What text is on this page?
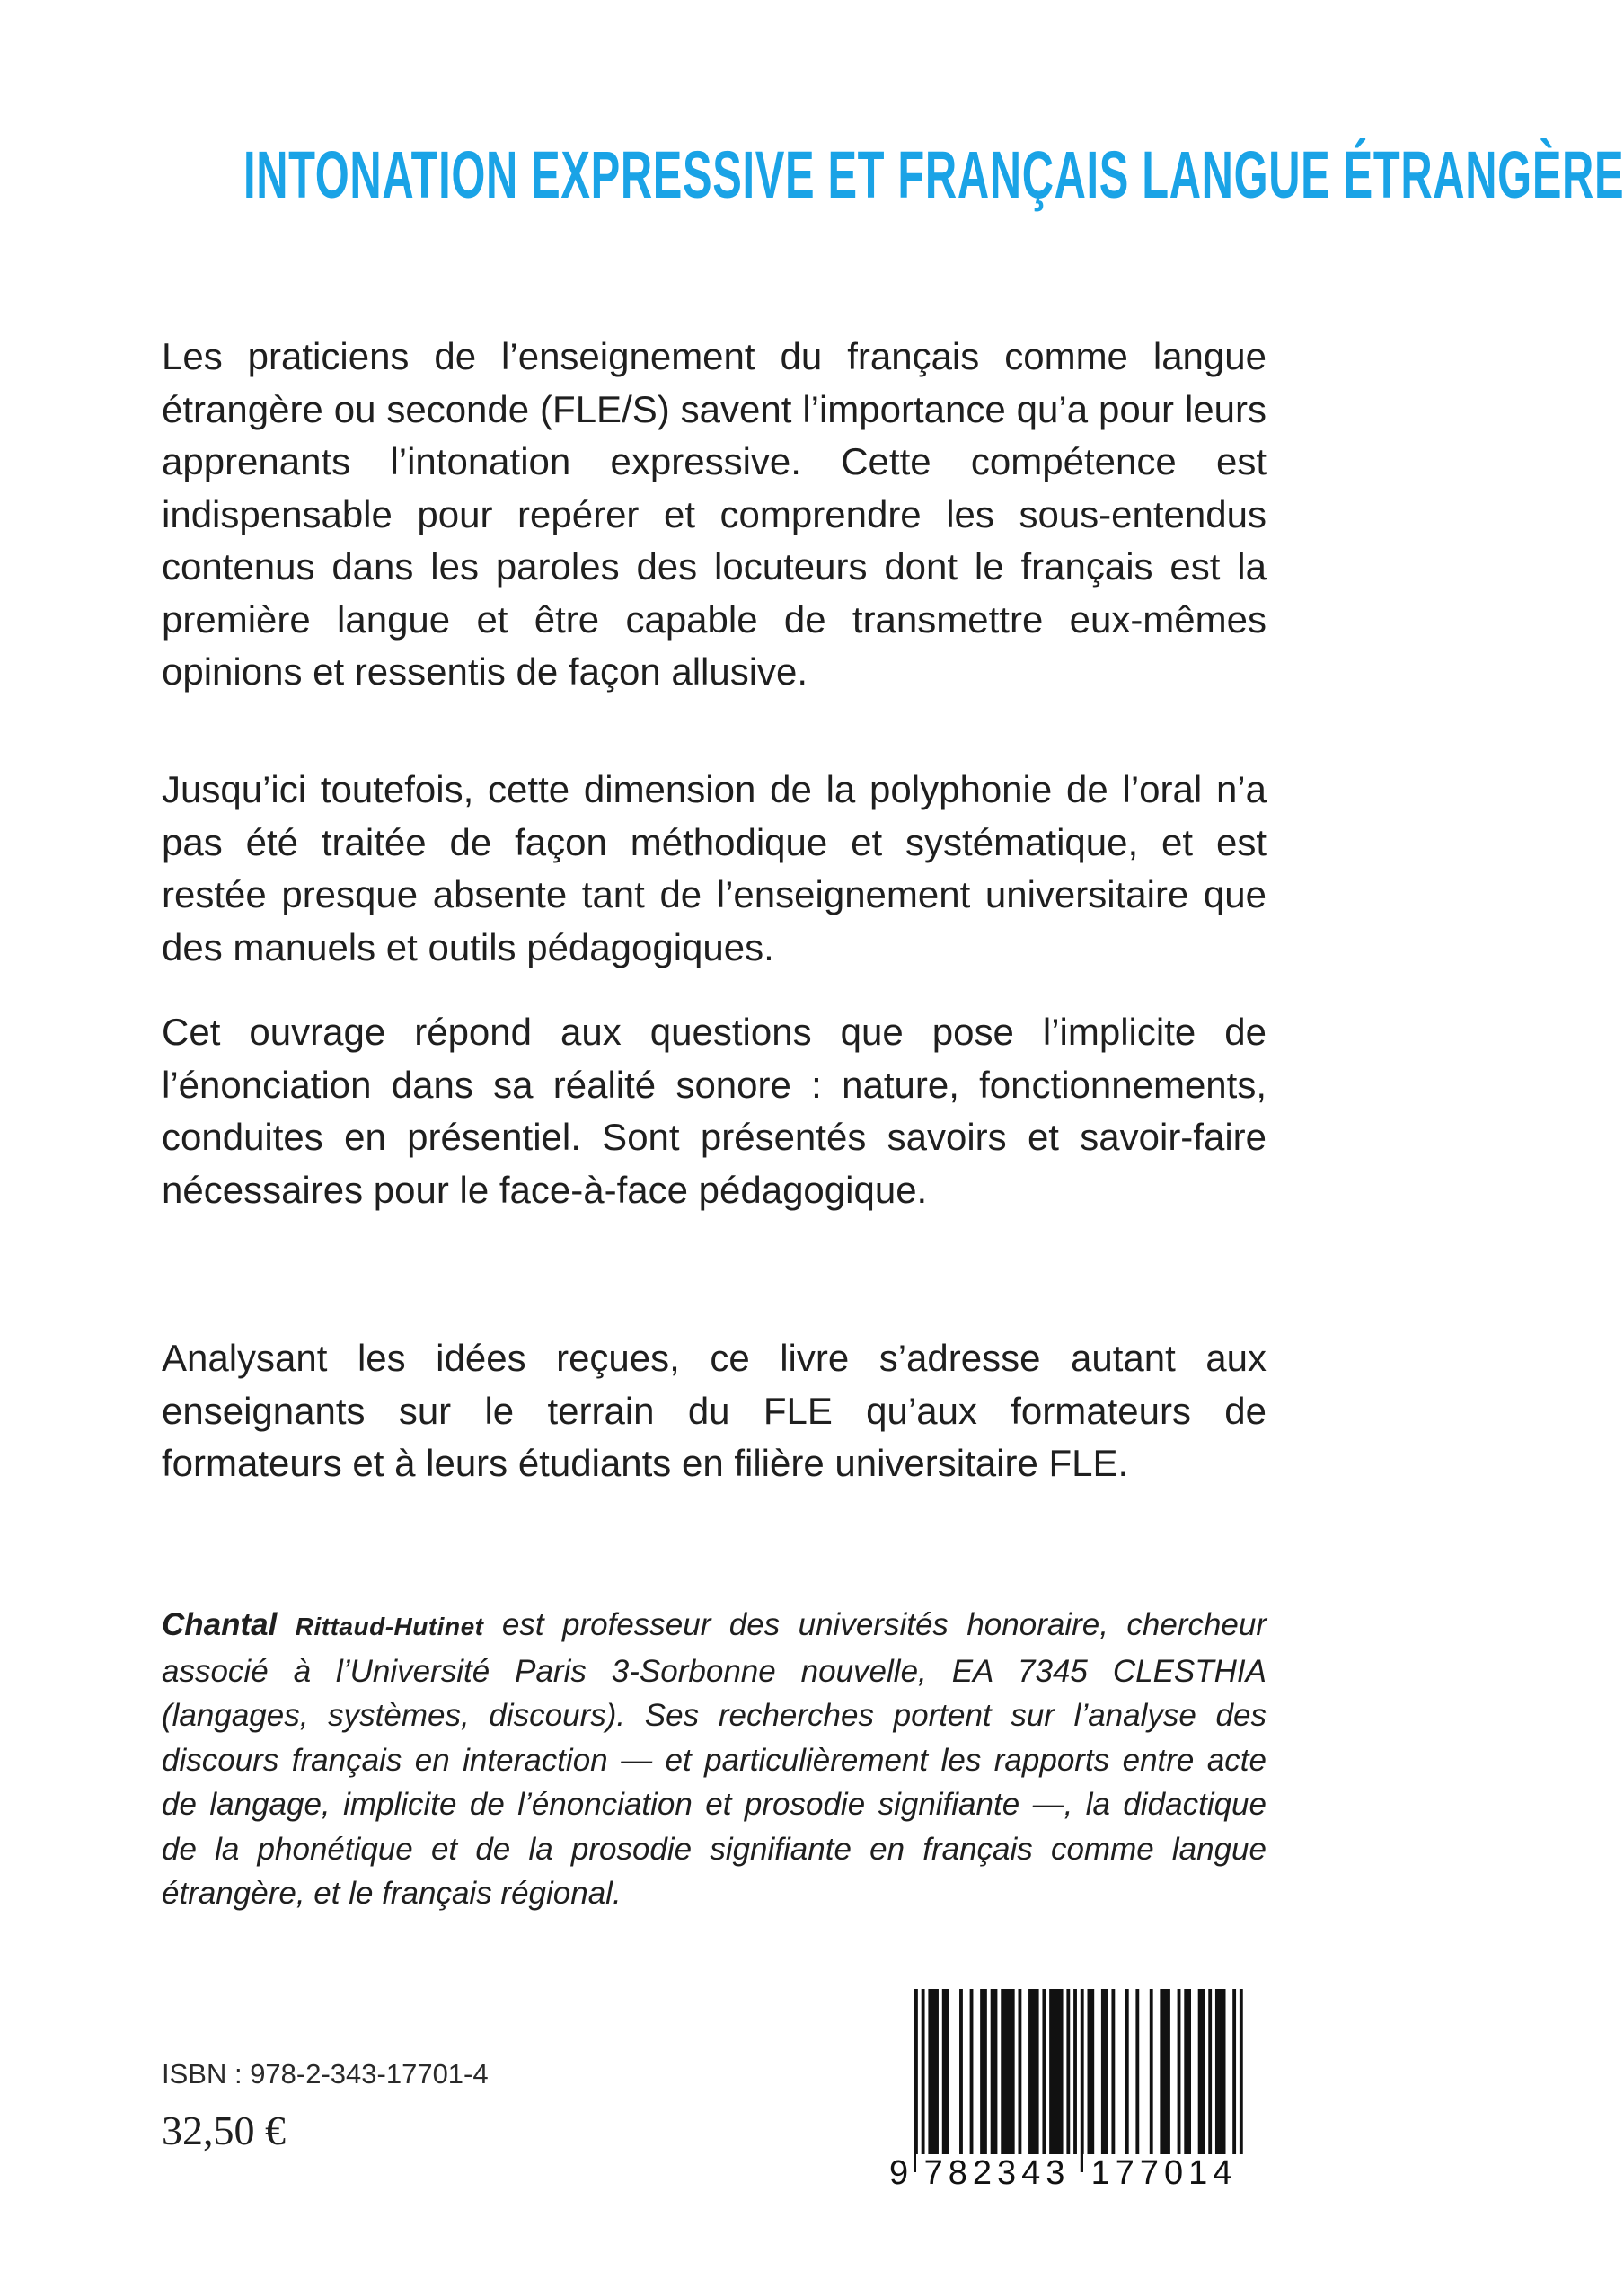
INTONATION EXPRESSIVE ET FRANÇAIS LANGUE ÉTRANGÈRE

Les praticiens de l’enseignement du français comme langue étrangère ou seconde (FLE/S) savent l’importance qu’a pour leurs apprenants l’intonation expressive. Cette compétence est indispensable pour repérer et comprendre les sous-entendus contenus dans les paroles des locuteurs dont le français est la première langue et être capable de transmettre eux-mêmes opinions et ressentis de façon allusive.

Jusqu’ici toutefois, cette dimension de la polyphonie de l’oral n’a pas été traitée de façon méthodique et systématique, et est restée presque absente tant de l’enseignement universitaire que des manuels et outils pédagogiques.

Cet ouvrage répond aux questions que pose l’implicite de l’énonciation dans sa réalité sonore : nature, fonctionnements, conduites en présentiel. Sont présentés savoirs et savoir-faire nécessaires pour le face-à-face pédagogique.

Analysant les idées reçues, ce livre s’adresse autant aux enseignants sur le terrain du FLE qu’aux formateurs de formateurs et à leurs étudiants en filière universitaire FLE.

Chantal Rittaud-Hutinet est professeur des universités honoraire, chercheur associé à l’Université Paris 3-Sorbonne nouvelle, EA 7345 CLESTHIA (langages, systèmes, discours). Ses recherches portent sur l’analyse des discours français en interaction — et particulièrement les rapports entre acte de langage, implicite de l’énonciation et prosodie signifiante —, la didactique de la phonétique et de la prosodie signifiante en français comme langue étrangère, et le français régional.

ISBN : 978-2-343-17701-4
32,50 €
9 782343 177014
